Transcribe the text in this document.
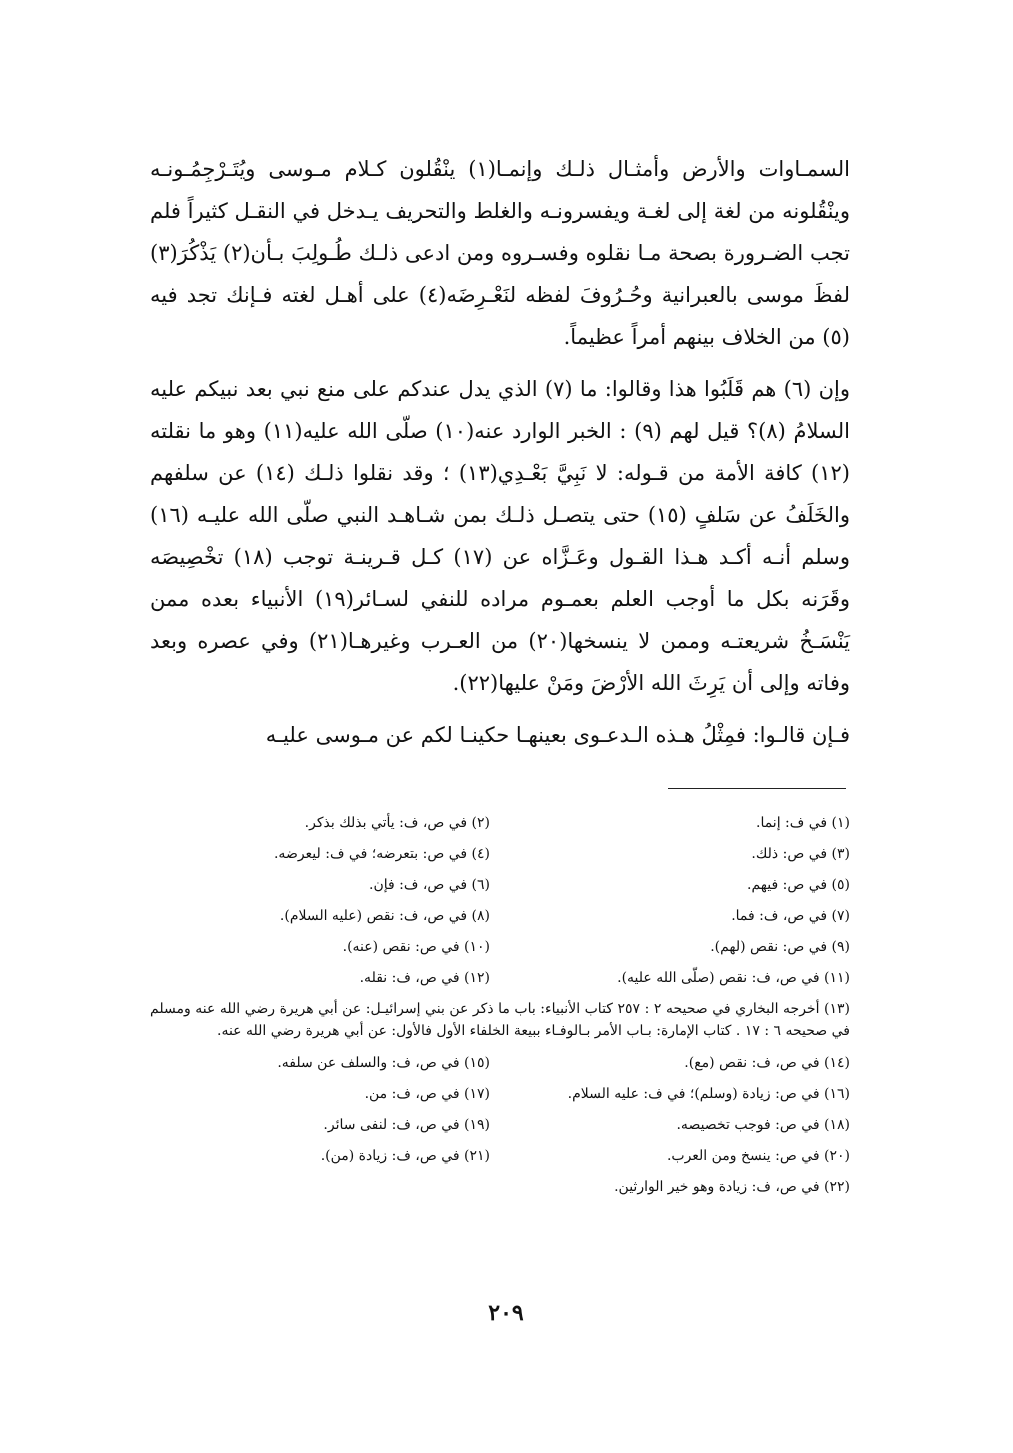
السمـاوات والأرض وأمثـال ذلـك وإنمـا(١) ينْقُلون كـلام مـوسى ويُتَـرْجِمُـونـه وينْقُلونه من لغة إلى لغـة ويفسرونـه والغلط والتحريف يـدخل في النقـل كثيراً فلم تجب الضـرورة بصحة مـا نقلوه وفسـروه ومن ادعى ذلـك طُـولِبَ بـأن(٢) يَذْكُرَ(٣) لفظَ موسى بالعبرانية وحُـرُوفَ لفظه لنَعْـرِضَه(٤) على أهـل لغته فـإنك تجد فيه (٥) من الخلاف بينهم أمراً عظيماً.

وإن (٦) هم قَلَبُوا هذا وقالوا: ما (٧) الذي يدل عندكم على منع نبي بعد نبيكم عليه السلامُ (٨)؟ قيل لهم (٩) : الخبر الوارد عنه(١٠) صلّى الله عليه(١١) وهو ما نقلته (١٢) كافة الأمة من قـوله: لا نَبِيَّ بَعْـدِي(١٣) ؛ وقد نقلوا ذلـك (١٤) عن سلفهم والخَلَفُ عن سَلفٍ (١٥) حتى يتصـل ذلـك بمن شـاهـد النبي صلّى الله عليـه (١٦) وسلم أنـه أكـد هـذا القـول وعَـزَّاه عن (١٧) كـل قـرينـة توجب (١٨) تخْصِيصَه وقَرَنه بكل ما أوجب العلم بعمـوم مراده للنفي لسـائر(١٩) الأنبياء بعده ممن يَنْسَـخُ شريعتـه وممن لا ينسخها(٢٠) من العـرب وغيرهـا(٢١) وفي عصره وبعد وفاته وإلى أن يَرِثَ الله الأرْضَ ومَنْ عليها(٢٢).

فـإن قالـوا: فمِثْلُ هـذه الـدعـوى بعينهـا حكينـا لكم عن مـوسى عليـه

(١) في ف: إنما.
(٢) في ص، ف: يأتي بذلك بذكر.
(٣) في ص: ذلك.
(٤) في ص: بتعرضه؛ في ف: ليعرضه.
(٥) في ص: فيهم.
(٦) في ص، ف: فإن.
(٧) في ص، ف: فما.
(٨) في ص، ف: نقص (عليه السلام).
(٩) في ص: نقص (لهم).
(١٠) في ص: نقص (عنه).
(١١) في ص، ف: نقص (صلّى الله عليه).
(١٢) في ص، ف: نقله.
(١٣) أخرجه البخاري في صحيحه ٢ : ٢٥٧ كتاب الأنبياء: باب ما ذكر عن بني إسرائيـل: عن أبي هريرة رضي الله عنه ومسلم في صحيحه ٦ : ١٧ . كتاب الإمارة: بـاب الأمر بـالوفـاء ببيعة الخلفاء الأول فالأول: عن أبي هريرة رضي الله عنه.
(١٤) في ص، ف: نقص (مع).
(١٥) في ص، ف: والسلف عن سلفه.
(١٦) في ص: زيادة (وسلم)؛ في ف: عليه السلام.
(١٧) في ص، ف: من.
(١٨) في ص: فوجب تخصيصه.
(١٩) في ص، ف: لنفى سائر.
(٢٠) في ص: ينسخ ومن العرب.
(٢١) في ص، ف: زيادة (من).
(٢٢) في ص، ف: زيادة وهو خير الوارثين.
٢٠٩
